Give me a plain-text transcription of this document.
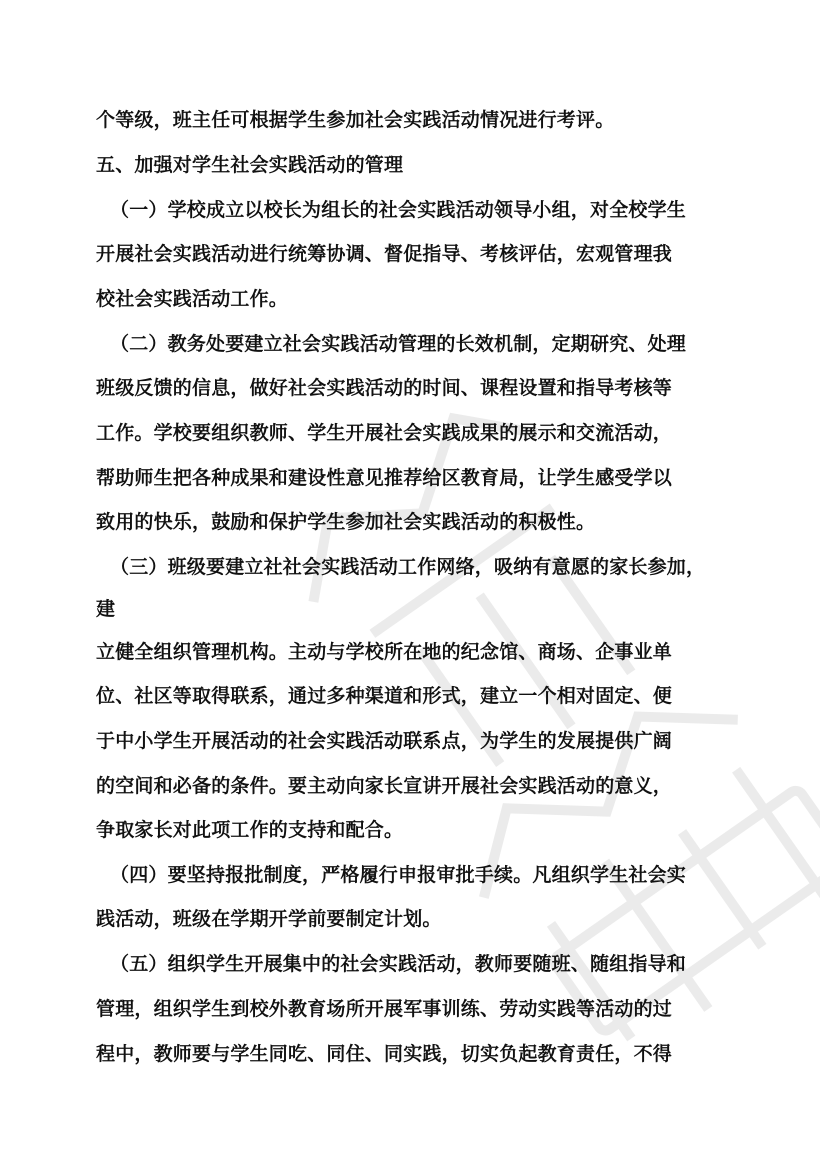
个等级，班主任可根据学生参加社会实践活动情况进行考评。
五、加强对学生社会实践活动的管理
（一）学校成立以校长为组长的社会实践活动领导小组，对全校学生
开展社会实践活动进行统筹协调、督促指导、考核评估，宏观管理我
校社会实践活动工作。
（二）教务处要建立社会实践活动管理的长效机制，定期研究、处理
班级反馈的信息，做好社会实践活动的时间、课程设置和指导考核等
工作。学校要组织教师、学生开展社会实践成果的展示和交流活动，
帮助师生把各种成果和建设性意见推荐给区教育局，让学生感受学以
致用的快乐，鼓励和保护学生参加社会实践活动的积极性。
（三）班级要建立社社会实践活动工作网络，吸纳有意愿的家长参加，
建
立健全组织管理机构。主动与学校所在地的纪念馆、商场、企事业单
位、社区等取得联系，通过多种渠道和形式，建立一个相对固定、便
于中小学生开展活动的社会实践活动联系点，为学生的发展提供广阔
的空间和必备的条件。要主动向家长宣讲开展社会实践活动的意义，
争取家长对此项工作的支持和配合。
（四）要坚持报批制度，严格履行申报审批手续。凡组织学生社会实
践活动，班级在学期开学前要制定计划。
（五）组织学生开展集中的社会实践活动，教师要随班、随组指导和
管理，组织学生到校外教育场所开展军事训练、劳动实践等活动的过
程中，教师要与学生同吃、同住、同实践，切实负起教育责任，不得
